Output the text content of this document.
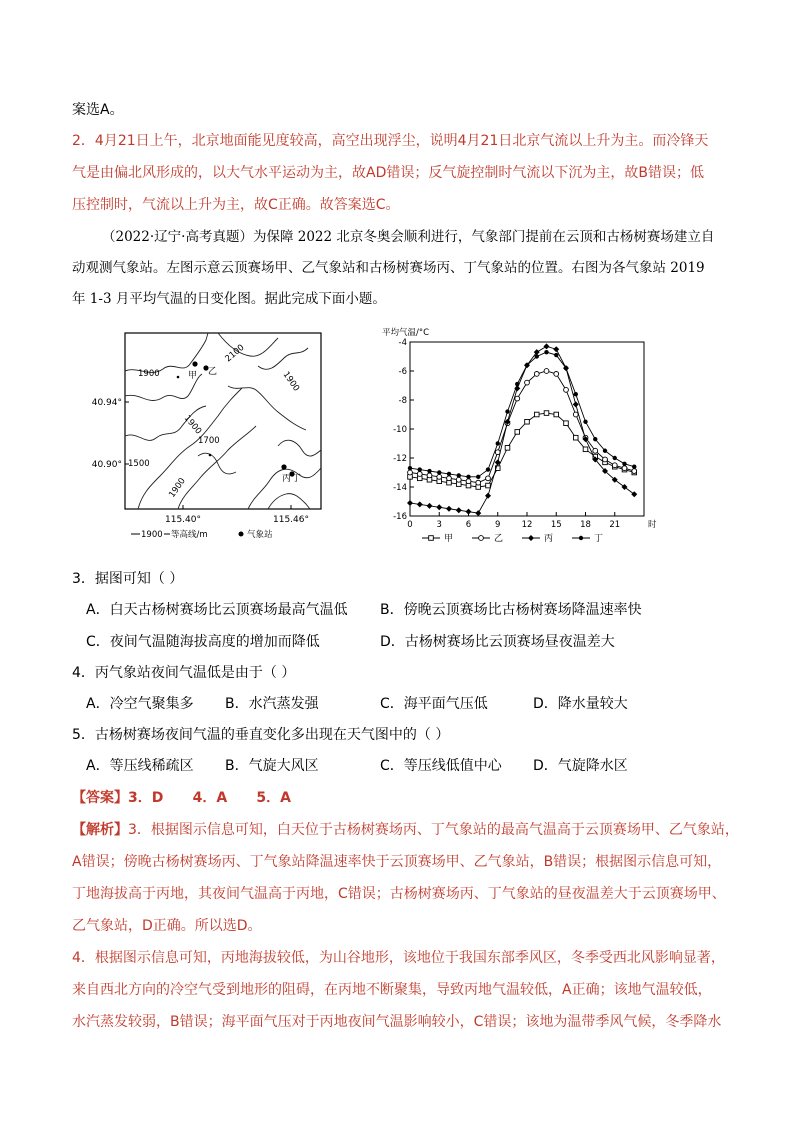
案选A。
2．4月21日上午，北京地面能见度较高，高空出现浮尘，说明4月21日北京气流以上升为主。而冷锋天
气是由偏北风形成的，以大气水平运动为主，故AD错误；反气旋控制时气流以下沉为主，故B错误；低
压控制时，气流以上升为主，故C正确。故答案选C。
（2022·辽宁·高考真题）为保障 2022 北京冬奥会顺利进行，气象部门提前在云顶和古杨树赛场建立自
动观测气象站。左图示意云顶赛场甲、乙气象站和古杨树赛场丙、丁气象站的位置。右图为各气象站 2019
年 1-3 月平均气温的日变化图。据此完成下面小题。
1900
2100
1900
1700
1900
1500
1900
甲 乙
丙 丁
40.94°
40.90°
115.40°	115.46°
1900 等高线/m	气象站
平均气温/°C
-4
-6
-8
-10
-12
-14
-16
0	3	6	9 12 15 18 21	时
甲	乙	丙	丁
3．据图可知（ ）
A．白天古杨树赛场比云顶赛场最高气温低 B．傍晚云顶赛场比古杨树赛场降温速率快
C．夜间气温随海拔高度的增加而降低	D．古杨树赛场比云顶赛场昼夜温差大
4．丙气象站夜间气温低是由于（ ）
A．冷空气聚集多 B．水汽蒸发强	C．海平面气压低	D．降水量较大
5．古杨树赛场夜间气温的垂直变化多出现在天气图中的（ ）
A．等压线稀疏区 B．气旋大风区	C．等压线低值中心 D．气旋降水区
【答案】3．D      4．A      5．A
【解析】3．根据图示信息可知，白天位于古杨树赛场丙、丁气象站的最高气温高于云顶赛场甲、乙气象站，
A错误；傍晚古杨树赛场丙、丁气象站降温速率快于云顶赛场甲、乙气象站，B错误；根据图示信息可知，
丁地海拔高于丙地，其夜间气温高于丙地，C错误；古杨树赛场丙、丁气象站的昼夜温差大于云顶赛场甲、
乙气象站，D正确。所以选D。
4．根据图示信息可知，丙地海拔较低，为山谷地形，该地位于我国东部季风区，冬季受西北风影响显著，
来自西北方向的冷空气受到地形的阻碍，在丙地不断聚集，导致丙地气温较低，A正确；该地气温较低，
水汽蒸发较弱，B错误；海平面气压对于丙地夜间气温影响较小，C错误；该地为温带季风气候，冬季降水
